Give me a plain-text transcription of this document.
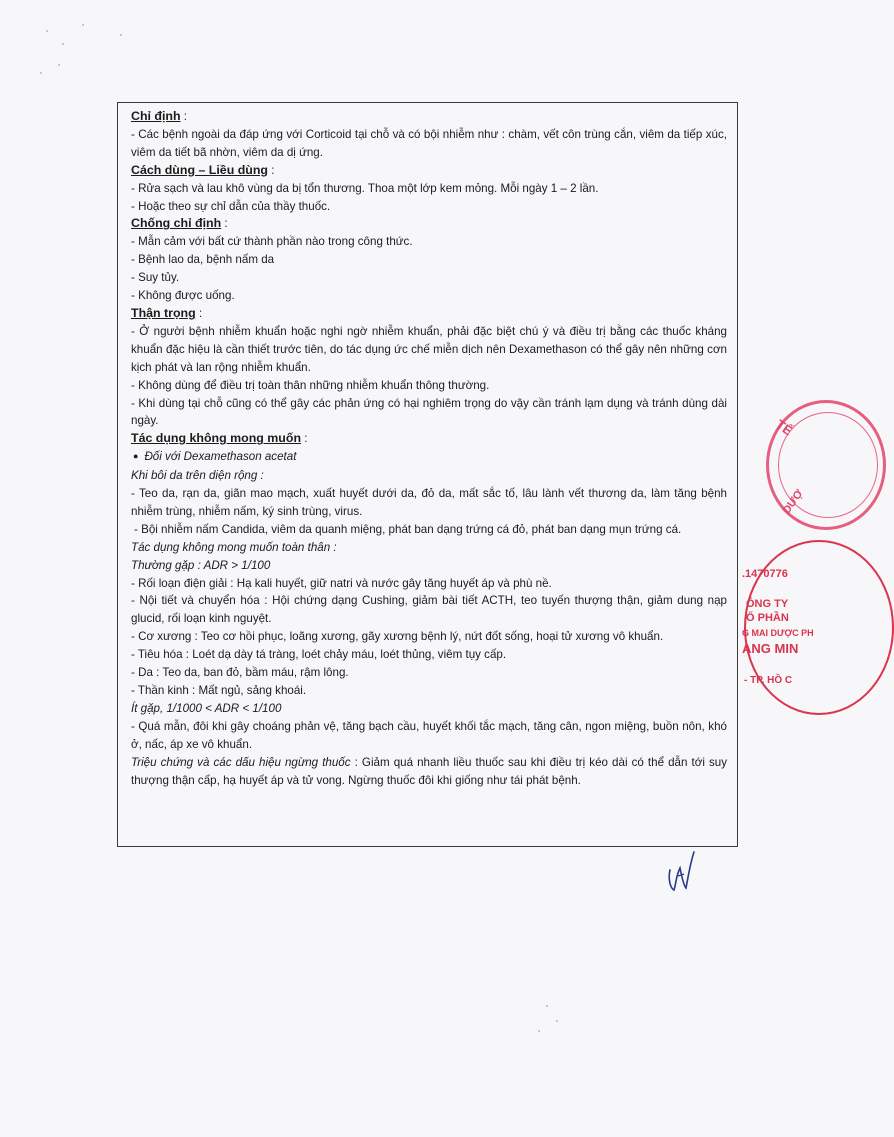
Chỉ định :

- Các bệnh ngoài da đáp ứng với Corticoid tại chỗ và có bội nhiễm như : chàm, vết côn trùng cắn, viêm da tiếp xúc, viêm da tiết bã nhờn, viêm da dị ứng.

Cách dùng – Liều dùng :

- Rửa sạch và lau khô vùng da bị tổn thương. Thoa một lớp kem mỏng. Mỗi ngày 1 – 2 lần.

- Hoặc theo sự chỉ dẫn của thầy thuốc.

Chống chỉ định :

- Mẫn cảm với bất cứ thành phần nào trong công thức.

- Bệnh lao da, bệnh nấm da

- Suy tủy.

- Không được uống.

Thận trọng :

- Ở người bệnh nhiễm khuẩn hoặc nghi ngờ nhiễm khuẩn, phải đặc biệt chú ý và điều trị bằng các thuốc kháng khuẩn đặc hiệu là cần thiết trước tiên, do tác dụng ức chế miễn dịch nên Dexamethason có thể gây nên những cơn kịch phát và lan rộng nhiễm khuẩn.

- Không dùng để điều trị toàn thân những nhiễm khuẩn thông thường.

- Khi dùng tại chỗ cũng có thể gây các phản ứng có hại nghiêm trọng do vậy cần tránh lạm dụng và tránh dùng dài ngày.

Tác dụng không mong muốn :

● Đối với Dexamethason acetat

Khi bôi da trên diện rộng :

- Teo da, rạn da, giãn mao mạch, xuất huyết dưới da, đỏ da, mất sắc tố, lâu lành vết thương da, làm tăng bệnh nhiễm trùng, nhiễm nấm, ký sinh trùng, virus.

- Bội nhiễm nấm Candida, viêm da quanh miệng, phát ban dạng trứng cá đỏ, phát ban dạng mụn trứng cá.

Tác dụng không mong muốn toàn thân :

Thường gặp : ADR > 1/100

- Rối loạn điện giải : Hạ kali huyết, giữ natri và nước gây tăng huyết áp và phù nề.

- Nội tiết và chuyển hóa : Hội chứng dạng Cushing, giảm bài tiết ACTH, teo tuyến thượng thận, giảm dung nạp glucid, rối loạn kinh nguyệt.

- Cơ xương : Teo cơ hồi phục, loãng xương, gãy xương bệnh lý, nứt đốt sống, hoại tử xương vô khuẩn.

- Tiêu hóa : Loét dạ dày tá tràng, loét chảy máu, loét thủng, viêm tụy cấp.

- Da : Teo da, ban đỏ, bầm máu, rậm lông.

- Thần kinh : Mất ngủ, sảng khoái.

Ít gặp, 1/1000 < ADR < 1/100

- Quá mẫn, đôi khi gây choáng phản vệ, tăng bạch cầu, huyết khối tắc mạch, tăng cân, ngon miệng, buồn nôn, khó ở, nấc, áp xe vô khuẩn.

Triệu chứng và các dấu hiệu ngừng thuốc : Giảm quá nhanh liều thuốc sau khi điều trị kéo dài có thể dẫn tới suy thượng thận cấp, hạ huyết áp và tử vong. Ngừng thuốc đôi khi giống như tái phát bệnh.

TẾ
DƯỢ
.1470776
ÔNG TY
Ổ PHẦN
G MAI DƯỢC PH
ANG MIN
- TP. HỒ C
